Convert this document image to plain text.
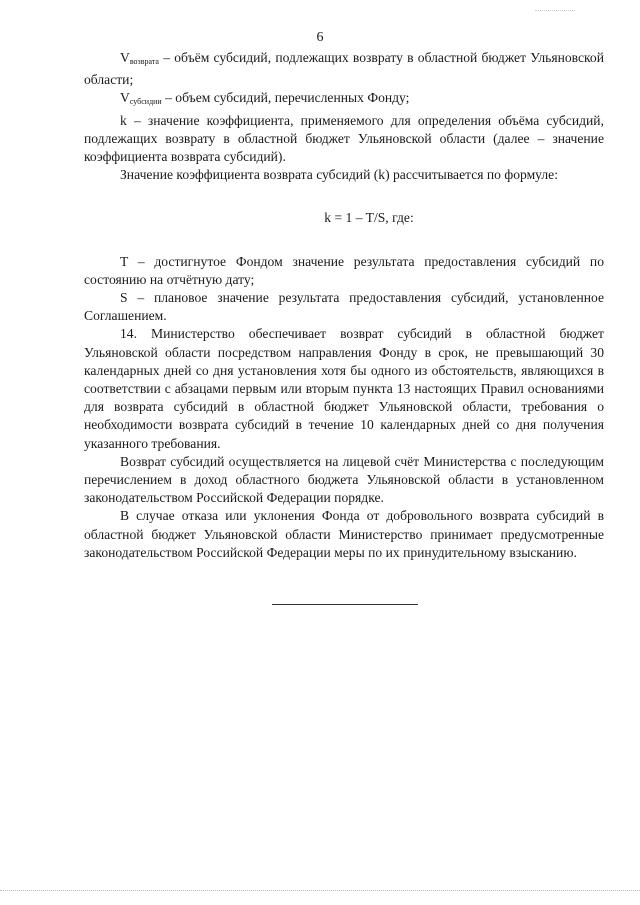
6

$V_{возврата}$ – объём субсидий, подлежащих возврату в областной бюджет Ульяновской области;

$V_{субсидии}$ – объем субсидий, перечисленных Фонду;

k – значение коэффициента, применяемого для определения объёма субсидий, подлежащих возврату в областной бюджет Ульяновской области (далее – значение коэффициента возврата субсидий).

Значение коэффициента возврата субсидий (k) рассчитывается по формуле:

k = 1 – T/S, где:

T – достигнутое Фондом значение результата предоставления субсидий по состоянию на отчётную дату;

S – плановое значение результата предоставления субсидий, установленное Соглашением.

14. Министерство обеспечивает возврат субсидий в областной бюджет Ульяновской области посредством направления Фонду в срок, не превышающий 30 календарных дней со дня установления хотя бы одного из обстоятельств, являющихся в соответствии с абзацами первым или вторым пункта 13 настоящих Правил основаниями для возврата субсидий в областной бюджет Ульяновской области, требования о необходимости возврата субсидий в течение 10 календарных дней со дня получения указанного требования.

Возврат субсидий осуществляется на лицевой счёт Министерства с последующим перечислением в доход областного бюджета Ульяновской области в установленном законодательством Российской Федерации порядке.

В случае отказа или уклонения Фонда от добровольного возврата субсидий в областной бюджет Ульяновской области Министерство принимает предусмотренные законодательством Российской Федерации меры по их принудительному взысканию.
